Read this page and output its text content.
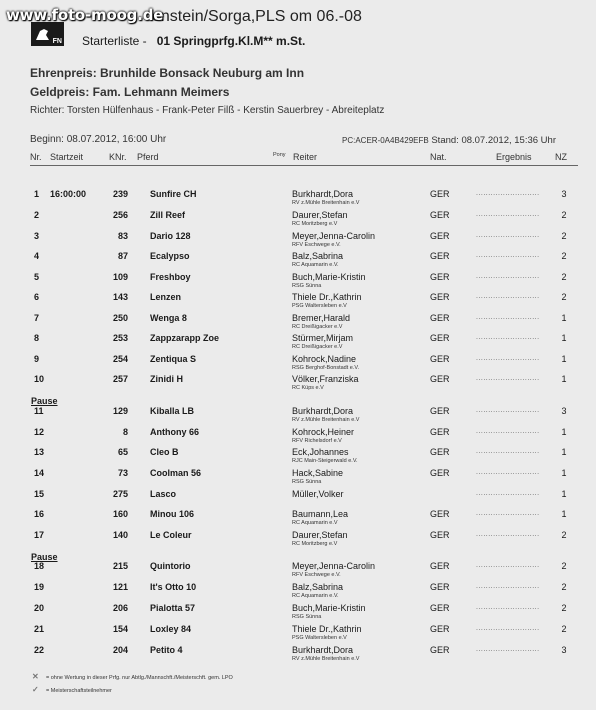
www.foto-moog.de
enstein/Sorga,PLS om 06.-08
FN Starterliste - 01 Springprfg.Kl.M** m.St.
Ehrenpreis: Brunhilde Bonsack Neuburg am Inn
Geldpreis: Fam. Lehmann Meimers
Richter: Torsten Hülfenhaus - Frank-Peter Filß - Kerstin Sauerbrey - Abreiteplatz
Beginn: 08.07.2012, 16:00 Uhr	PC:ACER-0A4B429EFB Stand: 08.07.2012, 15:36 Uhr
Nr. Startzeit	KNr. Pferd	Pony Reiter	Nat.	Ergebnis	NZ
1	16:00:00	239 Sunfire CH	Burkhardt,Dora
RV z.Mühle Breitenhain e.V
GER	.......................... 3
2	256 Zill Reef	Daurer,Stefan
RC Moritzberg e.V
GER	.......................... 2
3	83 Dario 128	Meyer,Jenna-Carolin
RFV Eschwege e.V.
GER	.......................... 2
4	87 Ecalypso	Balz,Sabrina
RC Aquamarin e.V.
GER	.......................... 2
5	109 Freshboy	Buch,Marie-Kristin
RSG Sünna
GER	.......................... 2
6	143 Lenzen	Thiele Dr.,Kathrin
PSG Waltersleben e.V
GER	.......................... 2
7	250 Wenga 8	Bremer,Harald
RC Dreißigacker e.V
GER	.......................... 1
8	253 Zappzarapp Zoe	Stürmer,Mirjam
RC Dreißigacker e.V
GER	.......................... 1
9	254 Zentiqua S	Kohrock,Nadine
RSG Berghof-Bonstadt e.V.
GER	.......................... 1
10	257 Zinidi H	Völker,Franziska
RC Küps e.V
GER	.......................... 1
11	129 Kiballa LB	Burkhardt,Dora
RV z.Mühle Breitenhain e.V
GER	.......................... 3
12	8 Anthony 66	Kohrock,Heiner
RFV Richelsdorf e.V
GER	.......................... 1
13	65 Cleo B	Eck,Johannes
RJC Main-Steigerwald e.V.
GER	.......................... 1
14	73 Coolman 56	Hack,Sabine
RSG Sünna
GER	.......................... 1
15	275 Lasco	Müller,Volker	.......................... 1
16	160 Minou 106	Baumann,Lea
RC Aquamarin e.V
GER	.......................... 1
17	140 Le Coleur	Daurer,Stefan
RC Moritzberg e.V
GER	.......................... 2
18	215 Quintorio	Meyer,Jenna-Carolin
RFV Eschwege e.V.
GER	.......................... 2
19	121 It's Otto 10	Balz,Sabrina
RC Aquamarin e.V.
GER	.......................... 2
20	206 Pialotta 57	Buch,Marie-Kristin
RSG Sünna
GER	.......................... 2
21	154 Loxley 84	Thiele Dr.,Kathrin
PSG Waltersleben e.V
GER	.......................... 2
22	204 Petito 4	Burkhardt,Dora
RV z.Mühle Breitenhain e.V
GER	.......................... 3
Pause
Pause
✕ = ohne Wertung in dieser Prfg. nur Abtlg./Mannschft./Meisterschft. gem. LPO
✓ = Meisterschaftsteilnehmer
